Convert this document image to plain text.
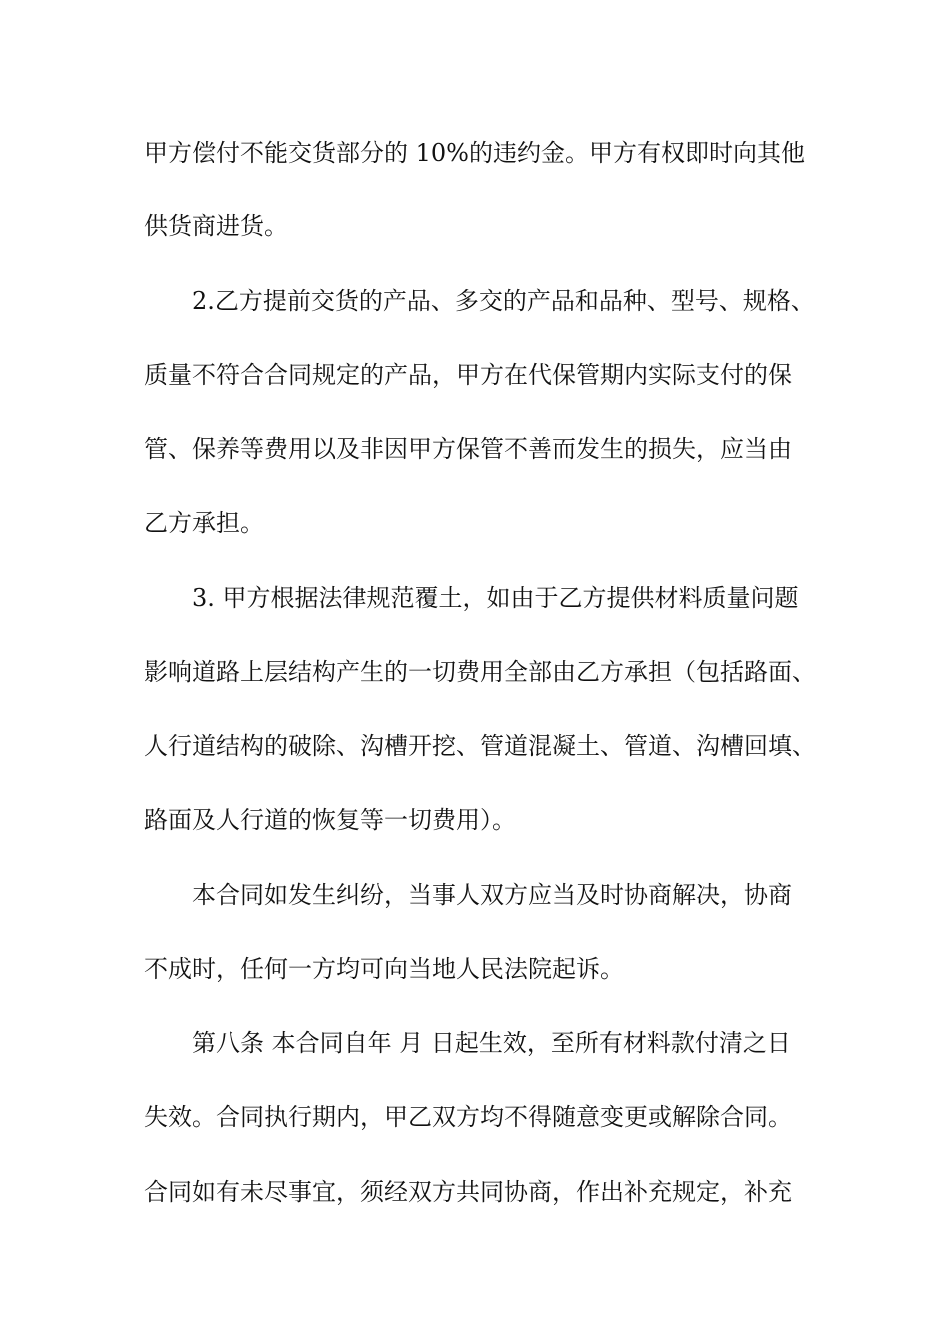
甲方偿付不能交货部分的 10%的违约金。甲方有权即时向其他
供货商进货。
2.乙方提前交货的产品、多交的产品和品种、型号、规格、
质量不符合合同规定的产品，甲方在代保管期内实际支付的保
管、保养等费用以及非因甲方保管不善而发生的损失，应当由
乙方承担。
3. 甲方根据法律规范覆土，如由于乙方提供材料质量问题
影响道路上层结构产生的一切费用全部由乙方承担（包括路面、
人行道结构的破除、沟槽开挖、管道混凝土、管道、沟槽回填、
路面及人行道的恢复等一切费用）。
本合同如发生纠纷，当事人双方应当及时协商解决，协商
不成时，任何一方均可向当地人民法院起诉。
第八条 本合同自年 月 日起生效，至所有材料款付清之日
失效。合同执行期内，甲乙双方均不得随意变更或解除合同。
合同如有未尽事宜，须经双方共同协商，作出补充规定，补充
